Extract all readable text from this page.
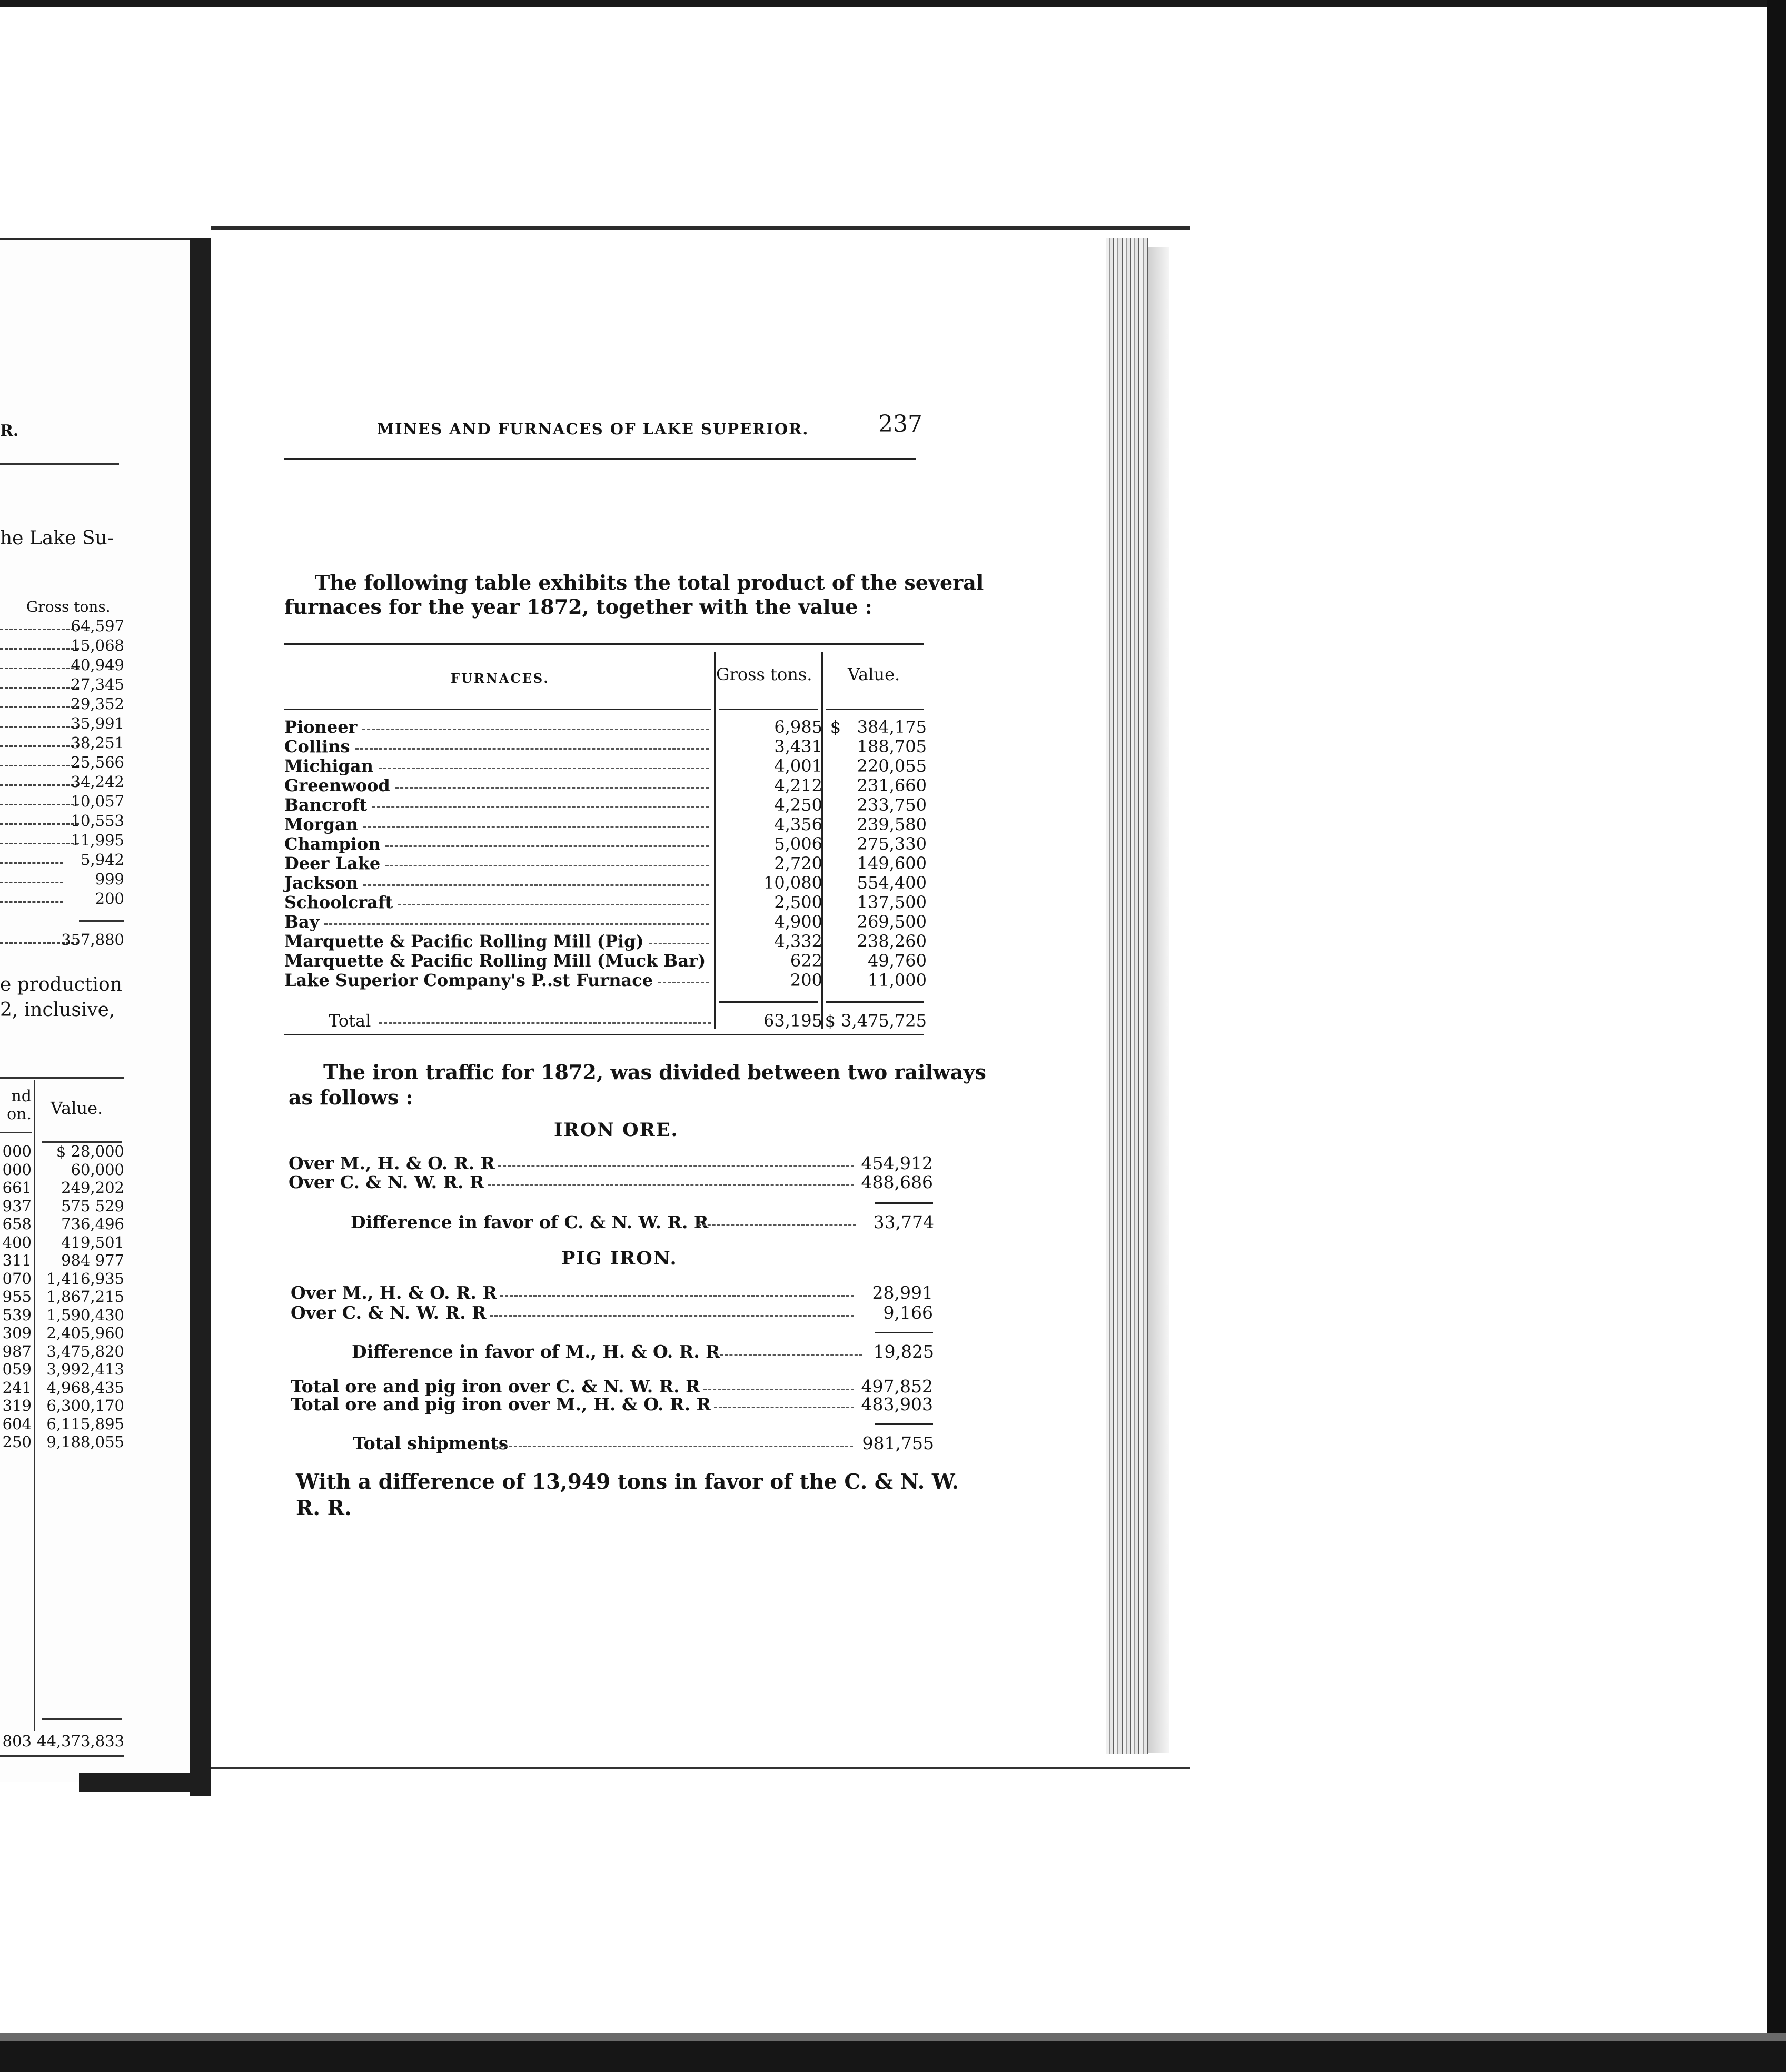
R.
he Lake Su-
Gross tons.
64,597
15,068
40,949
27,345
29,352
35,991
38,251
25,566
34,242
10,057
10,553
11,995
5,942
999
200
357,880
e production
2, inclusive,
nd
on. Value.
000	$ 28,000
000	60,000
661	249,202
937	575 529
658	736,496
400	419,501
311	984 977
070 1,416,935
955 1,867,215
539 1,590,430
309 2,405,960
987 3,475,820
059 3,992,413
241 4,968,435
319 6,300,170
604 6,115,895
250 9,188,055
803 44,373,833
MINES AND FURNACES OF LAKE SUPERIOR.	237
The following table exhibits the total product of the several
furnaces for the year 1872, together with the value :
FURNACES.	Gross tons. Value.
Pioneer	6,985 $   384,175
Collins	3,431 188,705
Michigan	4,001 220,055
Greenwood	4,212 231,660
Bancroft	4,250 233,750
Morgan	4,356 239,580
Champion	5,006 275,330
Deer Lake	2,720 149,600
Jackson	10,080 554,400
Schoolcraft	2,500 137,500
Bay	4,900 269,500
Marquette & Pacific Rolling Mill (Pig)	4,332 238,260
Marquette & Pacific Rolling Mill (Muck Bar)	622	49,760
Lake Superior Company's P..st Furnace	200	11,000
Total	63,195 $ 3,475,725
The iron traffic for 1872, was divided between two railways
as follows :
IRON ORE.
Over M., H. & O. R. R	454,912
Over C. & N. W. R. R	488,686
Difference in favor of C. & N. W. R. R	33,774
PIG IRON.
Over M., H. & O. R. R	28,991
Over C. & N. W. R. R	9,166
Difference in favor of M., H. & O. R. R	19,825
Total ore and pig iron over C. & N. W. R. R	497,852
Total ore and pig iron over M., H. & O. R. R	483,903
Total shipments	981,755
With a difference of 13,949 tons in favor of the C. & N. W.
R. R.
